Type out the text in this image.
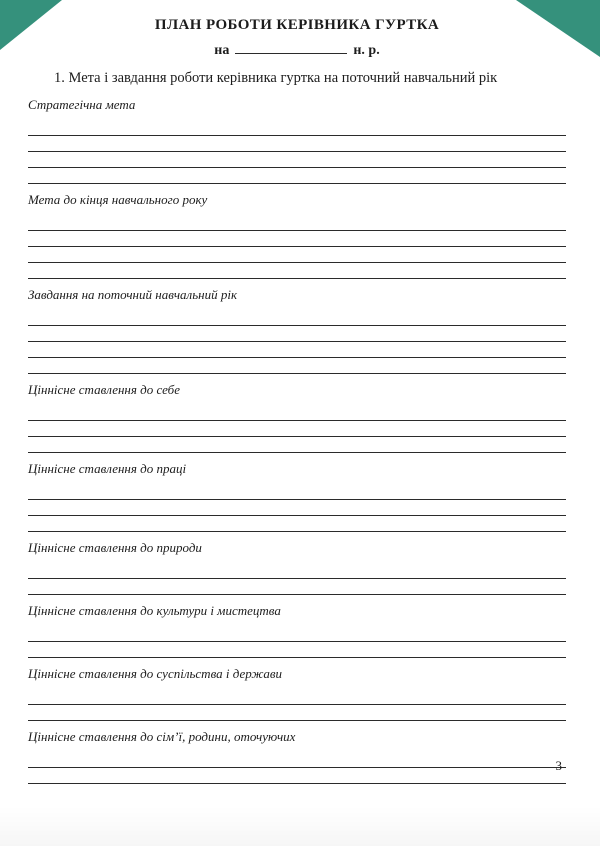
ПЛАН РОБОТИ КЕРІВНИКА ГУРТКА
на	н. р.
1. Мета і завдання роботи керівника гуртка на поточний навчальний рік
Стратегічна мета
Мета до кінця навчального року
Завдання на поточний навчальний рік
Ціннісне ставлення до себе
Ціннісне ставлення до праці
Ціннісне ставлення до природи
Ціннісне ставлення до культури і мистецтва
Ціннісне ставлення до суспільства і держави
Ціннісне ставлення до сім’ї, родини, оточуючих
3
